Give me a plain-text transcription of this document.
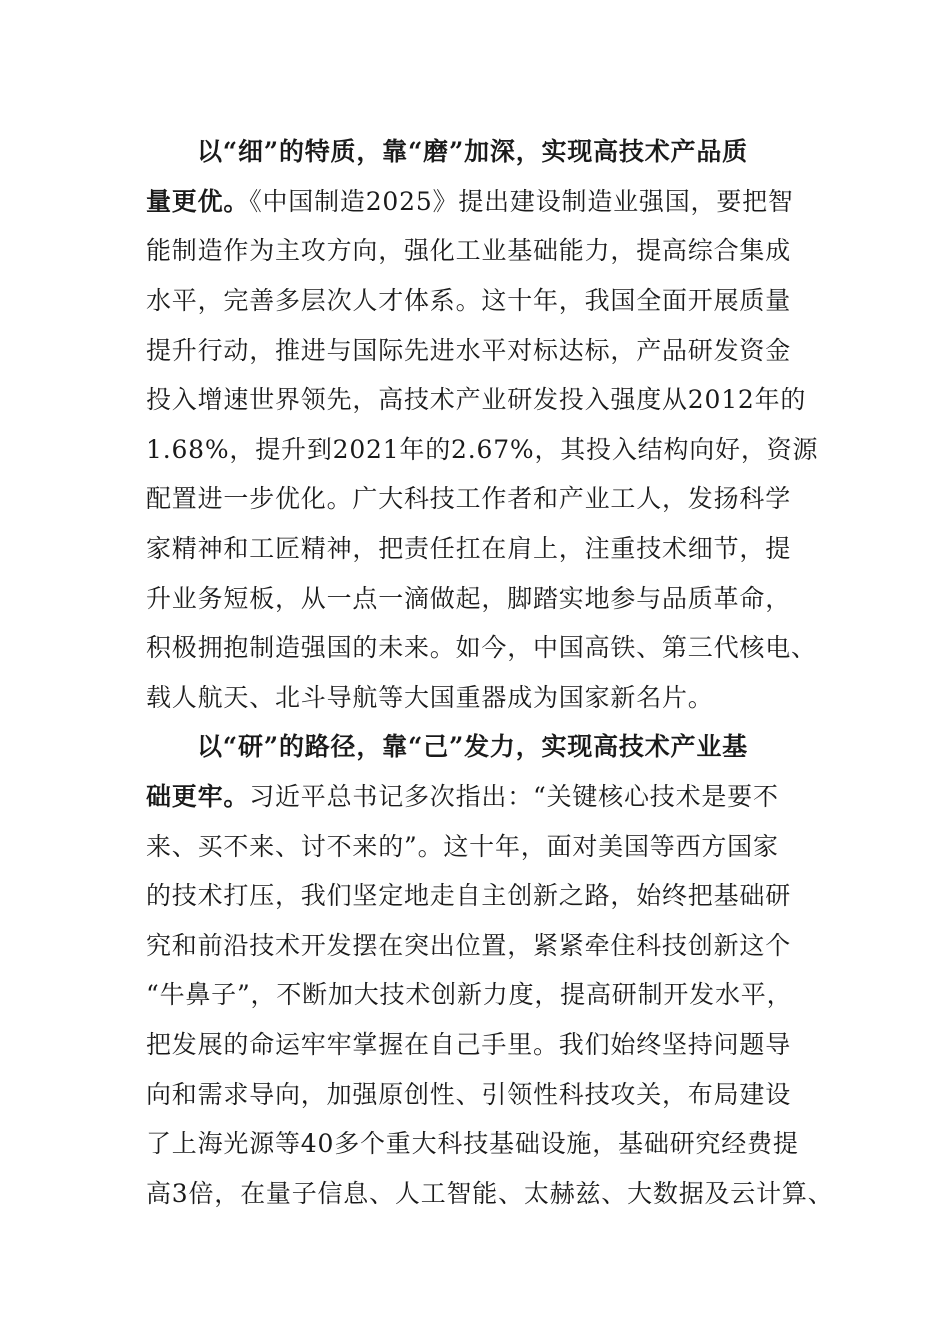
以“细”的特质，靠“磨”加深，实现高技术产品质
量更优。《中国制造2025》提出建设制造业强国，要把智
能制造作为主攻方向，强化工业基础能力，提高综合集成
水平，完善多层次人才体系。这十年，我国全面开展质量
提升行动，推进与国际先进水平对标达标，产品研发资金
投入增速世界领先，高技术产业研发投入强度从2012年的
1.68%，提升到2021年的2.67%，其投入结构向好，资源
配置进一步优化。广大科技工作者和产业工人，发扬科学
家精神和工匠精神，把责任扛在肩上，注重技术细节，提
升业务短板，从一点一滴做起，脚踏实地参与品质革命，
积极拥抱制造强国的未来。如今，中国高铁、第三代核电、
载人航天、北斗导航等大国重器成为国家新名片。
以“研”的路径，靠“己”发力，实现高技术产业基
础更牢。习近平总书记多次指出：“关键核心技术是要不
来、买不来、讨不来的”。这十年，面对美国等西方国家
的技术打压，我们坚定地走自主创新之路，始终把基础研
究和前沿技术开发摆在突出位置，紧紧牵住科技创新这个
“牛鼻子”，不断加大技术创新力度，提高研制开发水平，
把发展的命运牢牢掌握在自己手里。我们始终坚持问题导
向和需求导向，加强原创性、引领性科技攻关，布局建设
了上海光源等40多个重大科技基础设施，基础研究经费提
高3倍，在量子信息、人工智能、太赫兹、大数据及云计算、
